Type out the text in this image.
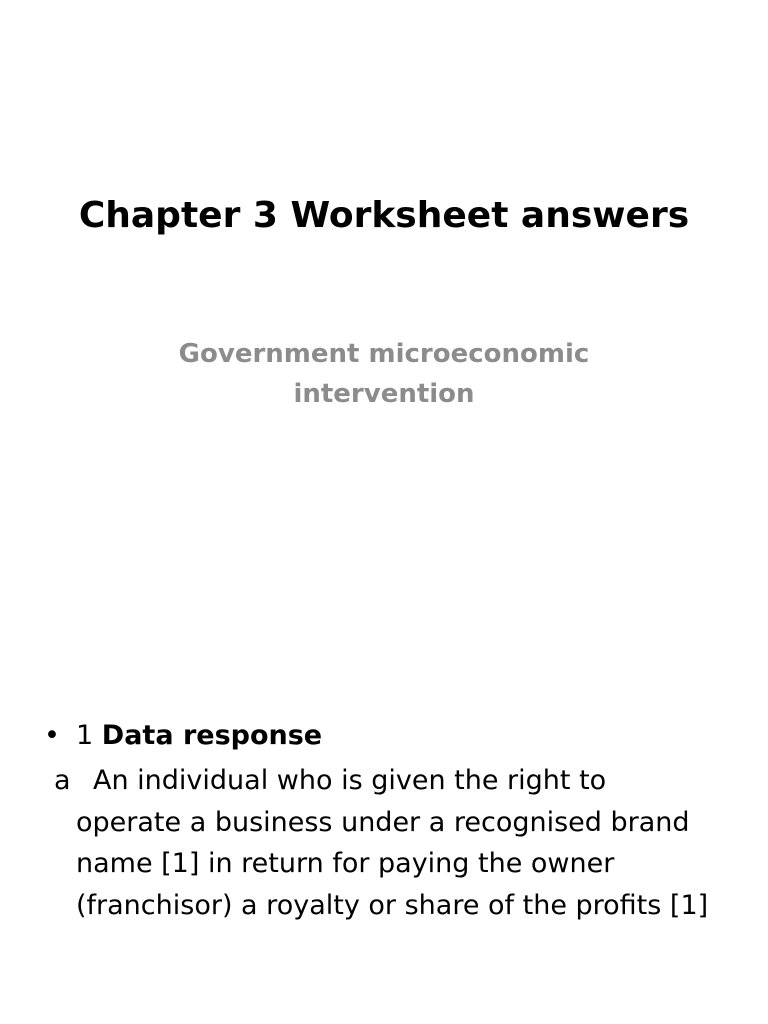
Chapter 3 Worksheet answers
Government microeconomic
intervention
• 1 Data response
a An individual who is given the right to
operate a business under a recognised brand
name [1] in return for paying the owner
(franchisor) a royalty or share of the profits [1]
